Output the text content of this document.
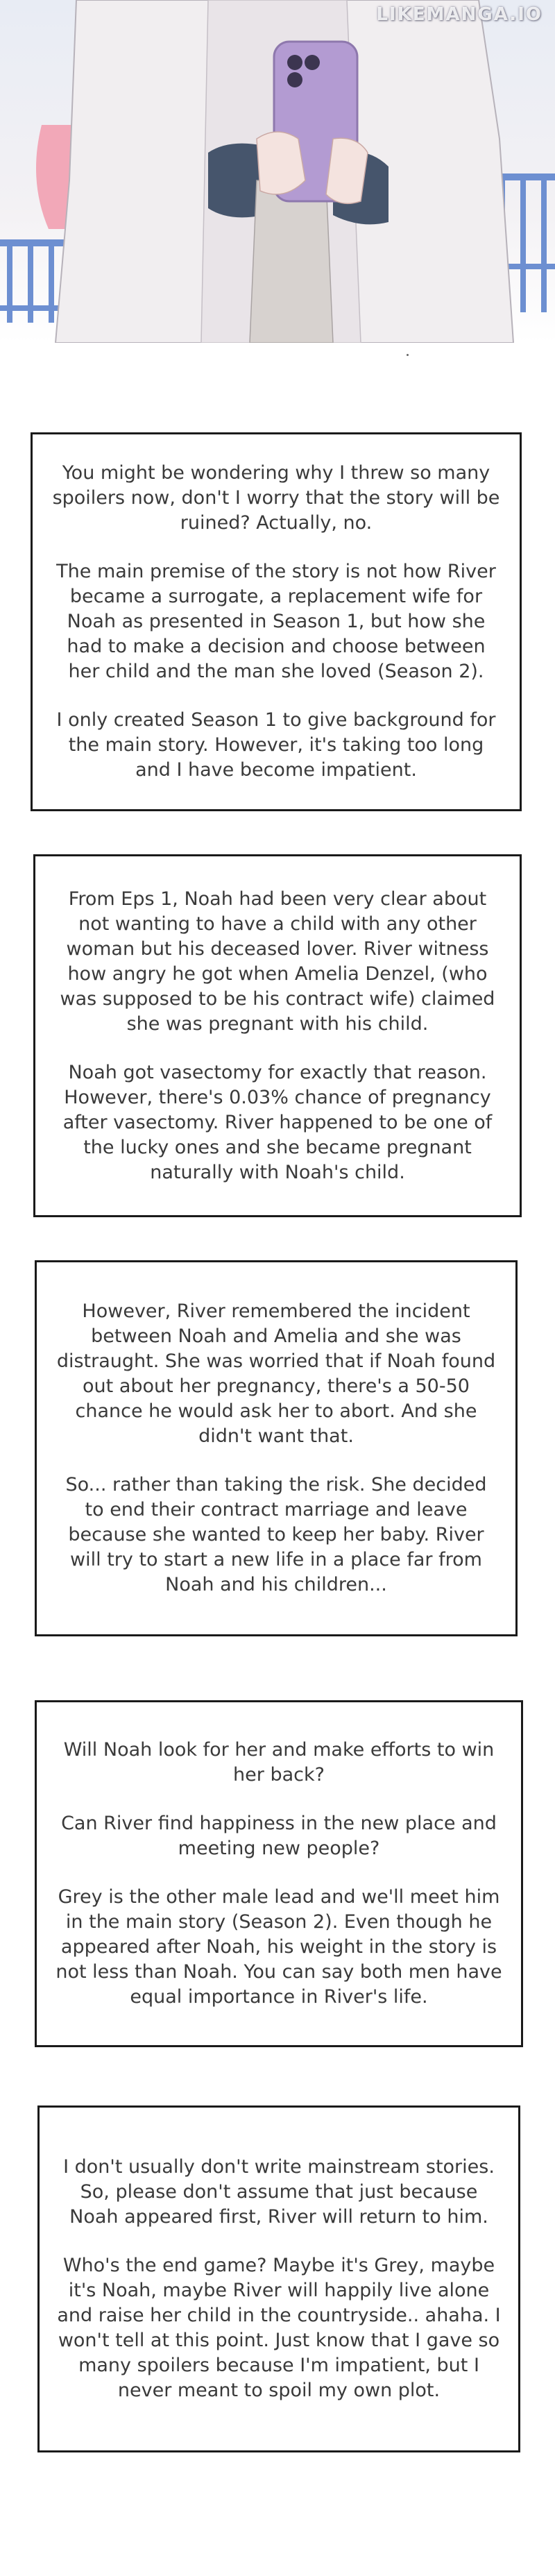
LIKEMANGA.IO

You might be wondering why I threw so many spoilers now, don't I worry that the story will be ruined? Actually, no.

The main premise of the story is not how River became a surrogate, a replacement wife for Noah as presented in Season 1, but how she had to make a decision and choose between her child and the man she loved (Season 2).

I only created Season 1 to give background for the main story. However, it's taking too long and I have become impatient.

From Eps 1, Noah had been very clear about not wanting to have a child with any other woman but his deceased lover. River witness how angry he got when Amelia Denzel, (who was supposed to be his contract wife) claimed she was pregnant with his child.

Noah got vasectomy for exactly that reason. However, there's 0.03% chance of pregnancy after vasectomy. River happened to be one of the lucky ones and she became pregnant naturally with Noah's child.

However, River remembered the incident between Noah and Amelia and she was distraught. She was worried that if Noah found out about her pregnancy, there's a 50-50 chance he would ask her to abort. And she didn't want that.

So... rather than taking the risk. She decided to end their contract marriage and leave because she wanted to keep her baby. River will try to start a new life in a place far from Noah and his children...

Will Noah look for her and make efforts to win her back?

Can River find happiness in the new place and meeting new people?

Grey is the other male lead and we'll meet him in the main story (Season 2). Even though he appeared after Noah, his weight in the story is not less than Noah. You can say both men have equal importance in River's life.

I don't usually don't write mainstream stories. So, please don't assume that just because Noah appeared first, River will return to him.

Who's the end game? Maybe it's Grey, maybe it's Noah, maybe River will happily live alone and raise her child in the countryside.. ahaha. I won't tell at this point. Just know that I gave so many spoilers because I'm impatient, but I never meant to spoil my own plot.
